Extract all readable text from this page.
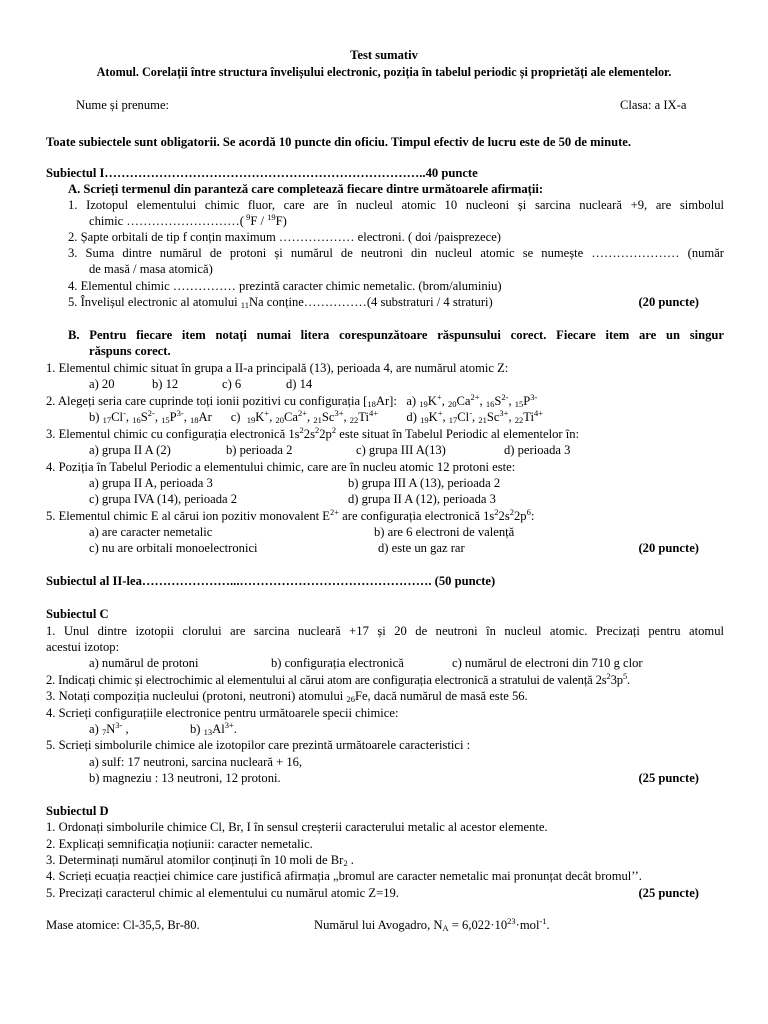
Test sumativ
Atomul. Corelații între structura învelișului electronic, poziția în tabelul periodic și proprietăți ale elementelor.
Nume și prenume:	Clasa: a IX-a
Toate subiectele sunt obligatorii. Se acordă 10 puncte din oficiu. Timpul efectiv de lucru este de 50 de minute.
Subiectul I…………………………………………………………………..40 puncte
A. Scrieți termenul din paranteză care completează fiecare dintre următoarele afirmații:
1. Izotopul elementului chimic fluor, care are în nucleul atomic 10 nucleoni și sarcina nucleară +9, are simbolul
chimic ………………………( $^9$F / $^{19}$F)
2. Șapte orbitali de tip f conțin maximum ……………… electroni. ( doi /paisprezece)
3. Suma dintre numărul de protoni și numărul de neutroni din nucleul atomic se numește ………………… (număr
de masă / masa atomică)
4. Elementul chimic …………… prezintă caracter chimic nemetalic. (brom/aluminiu)
5. Învelișul electronic al atomului $_{11}$Na conține……………(4 substraturi / 4 straturi)	(20 puncte)
B. Pentru fiecare item notați numai litera corespunzătoare răspunsului corect. Fiecare item are un singur
răspuns corect.
1. Elementul chimic situat în grupa a II-a principală (13), perioada 4, are numărul atomic Z:
a) 20	b) 12	c) 6	d) 14
2. Alegeți seria care cuprinde toți ionii pozitivi cu configurația $[_{18}Ar]$: a) $_{19}$K+, $_{20}Ca^{2+}$, $_{16}S^{2-}$, $_{15}P^{3-}$
b) $_{17}$Cl-, $_{16}S^{2-}$, $_{15}P^{3-}$, $_{18}$Ar      c) $_{19}$K+, $_{20}Ca^{2+}$, $_{21}Sc^{3+}$, $_{22}Ti^{4+}$ d) $_{19}$K+, $_{17}$Cl-, $_{21}Sc^{3+}$, $_{22}Ti^{4+}$
3. Elementul chimic cu configurația electronică $1s^22s^22p^2$ este situat în Tabelul Periodic al elementelor în:
a) grupa II A (2)	b) perioada 2	c) grupa III A(13)	d) perioada 3
4. Poziția în Tabelul Periodic a elementului chimic, care are în nucleu atomic 12 protoni este:
a) grupa II A, perioada 3	b) grupa III A (13), perioada 2
c) grupa IVA (14), perioada 2	d) grupa II A (12), perioada 3
5. Elementul chimic E al cărui ion pozitiv monovalent $E^{2+}$ are configurația electronică $1s^22s^22p^6$:
a) are caracter nemetalic	b) are 6 electroni de valență
c) nu are orbitali monoelectronici	d) este un gaz rar	(20 puncte)
Subiectul al II-lea…………………...………………………………………. (50 puncte)
Subiectul C
1. Unul dintre izotopii clorului are sarcina nucleară +17 și 20 de neutroni în nucleul atomic. Precizați pentru atomul
acestui izotop:
a) numărul de protoni	b) configurația electronică	c) numărul de electroni din 710 g clor
2. Indicați chimic și electrochimic al elementului al cărui atom are configurația electronică a stratului de valență $2s^23p^5$.
3. Notați compoziția nucleului (protoni, neutroni) atomului $_{26}$Fe, dacă numărul de masă este 56.
4. Scrieți configurațiile electronice pentru următoarele specii chimice:
a) $_7N^{3-}$ ,	b) $_{13}Al^{3+}$.
5. Scrieți simbolurile chimice ale izotopilor care prezintă următoarele caracteristici :
a) sulf: 17 neutroni, sarcina nucleară + 16,
b) magneziu : 13 neutroni, 12 protoni.	(25 puncte)
Subiectul D
1. Ordonați simbolurile chimice Cl, Br, I în sensul creșterii caracterului metalic al acestor elemente.
2. Explicați semnificația noțiunii: caracter nemetalic.
3. Determinați numărul atomilor conținuți în 10 moli de $Br_2$ .
4. Scrieți ecuația reacției chimice care justifică afirmația „bromul are caracter nemetalic mai pronunțat decât bromul’’.
5. Precizați caracterul chimic al elementului cu numărul atomic Z=19.	(25 puncte)
Mase atomice: Cl-35,5, Br-80.	Numărul lui Avogadro, $N_A = 6,022\cdot 10^{23}\cdot mol^{-1}$.
